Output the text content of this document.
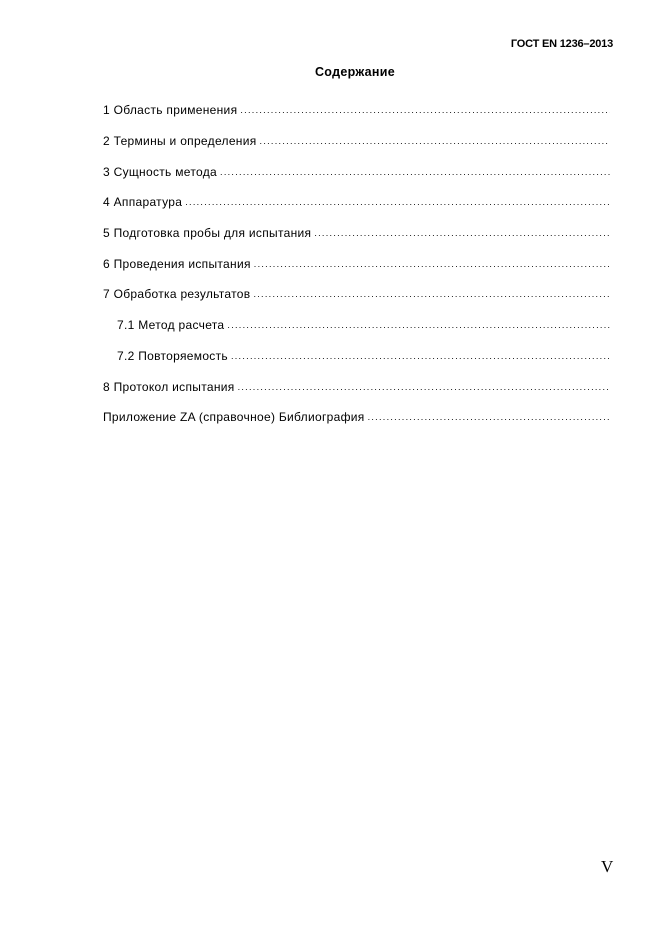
ГОСТ EN 1236–2013
Содержание
1 Область применения
. . .
2 Термины и определения
. . .
3 Сущность метода
. . .
4 Аппаратура
. . .
5 Подготовка пробы для испытания
. . .
6 Проведения испытания
. . .
7 Обработка результатов
. . .
7.1 Метод расчета
. . .
7.2 Повторяемость
. . .
8 Протокол испытания
. . .
Приложение ZA (справочное) Библиография
. . .
V
